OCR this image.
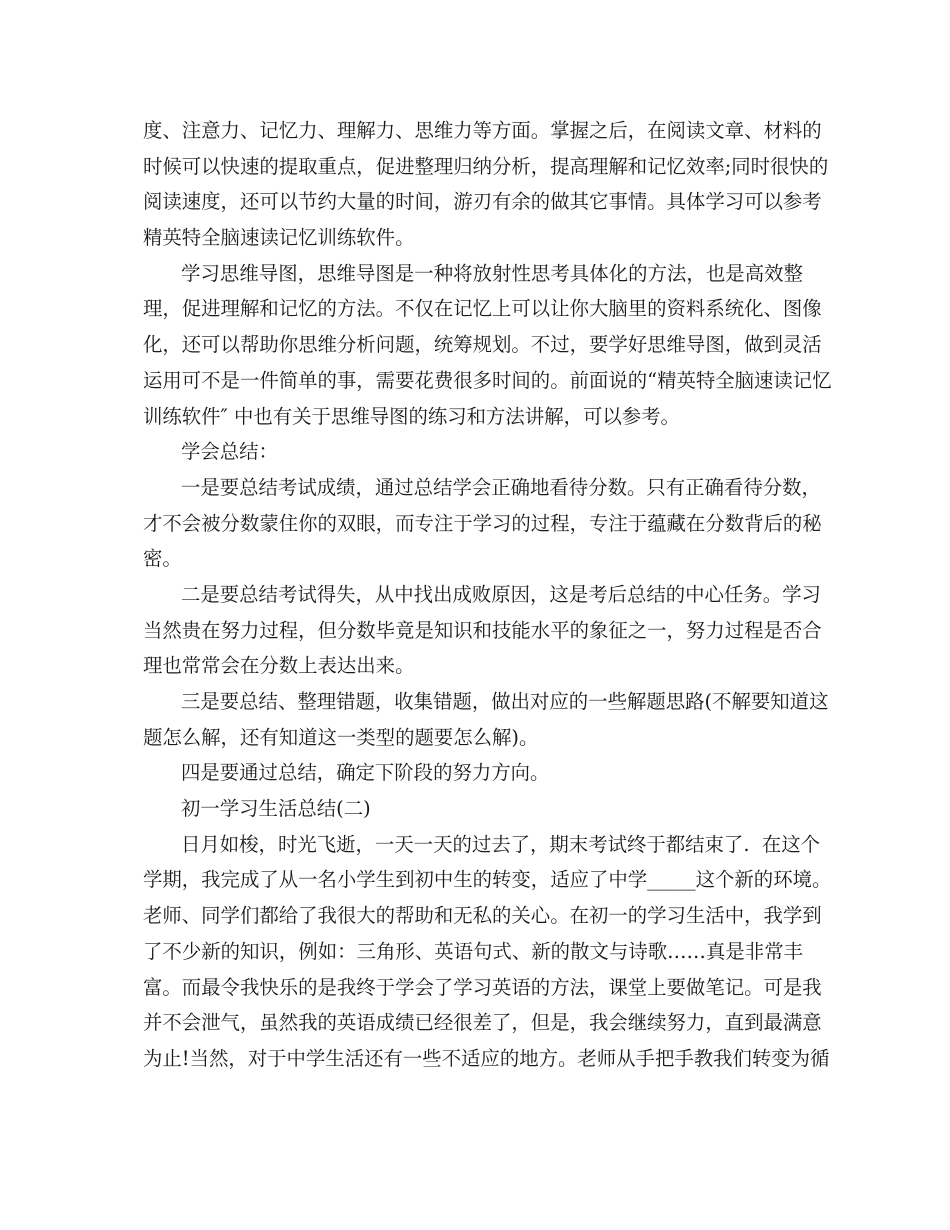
度、注意力、记忆力、理解力、思维力等方面。掌握之后，在阅读文章、材料的
时候可以快速的提取重点，促进整理归纳分析，提高理解和记忆效率;同时很快的
阅读速度，还可以节约大量的时间，游刃有余的做其它事情。具体学习可以参考
精英特全脑速读记忆训练软件。
学习思维导图，思维导图是一种将放射性思考具体化的方法，也是高效整
理，促进理解和记忆的方法。不仅在记忆上可以让你大脑里的资料系统化、图像
化，还可以帮助你思维分析问题，统筹规划。不过，要学好思维导图，做到灵活
运用可不是一件简单的事，需要花费很多时间的。前面说的“精英特全脑速读记忆
训练软件″ 中也有关于思维导图的练习和方法讲解，可以参考。
学会总结：
一是要总结考试成绩，通过总结学会正确地看待分数。只有正确看待分数，
才不会被分数蒙住你的双眼，而专注于学习的过程，专注于蕴藏在分数背后的秘
密。
二是要总结考试得失，从中找出成败原因，这是考后总结的中心任务。学习
当然贵在努力过程，但分数毕竟是知识和技能水平的象征之一，努力过程是否合
理也常常会在分数上表达出来。
三是要总结、整理错题，收集错题，做出对应的一些解题思路(不解要知道这
题怎么解，还有知道这一类型的题要怎么解)。
四是要通过总结，确定下阶段的努力方向。
初一学习生活总结(二)
日月如梭，时光飞逝，一天一天的过去了，期末考试终于都结束了.  在这个
学期，我完成了从一名小学生到初中生的转变，适应了中学_____这个新的环境。
老师、同学们都给了我很大的帮助和无私的关心。在初一的学习生活中，我学到
了不少新的知识，例如：三角形、英语句式、新的散文与诗歌……真是非常丰
富。而最令我快乐的是我终于学会了学习英语的方法，课堂上要做笔记。可是我
并不会泄气，虽然我的英语成绩已经很差了，但是，我会继续努力，直到最满意
为止!当然，对于中学生活还有一些不适应的地方。老师从手把手教我们转变为循
